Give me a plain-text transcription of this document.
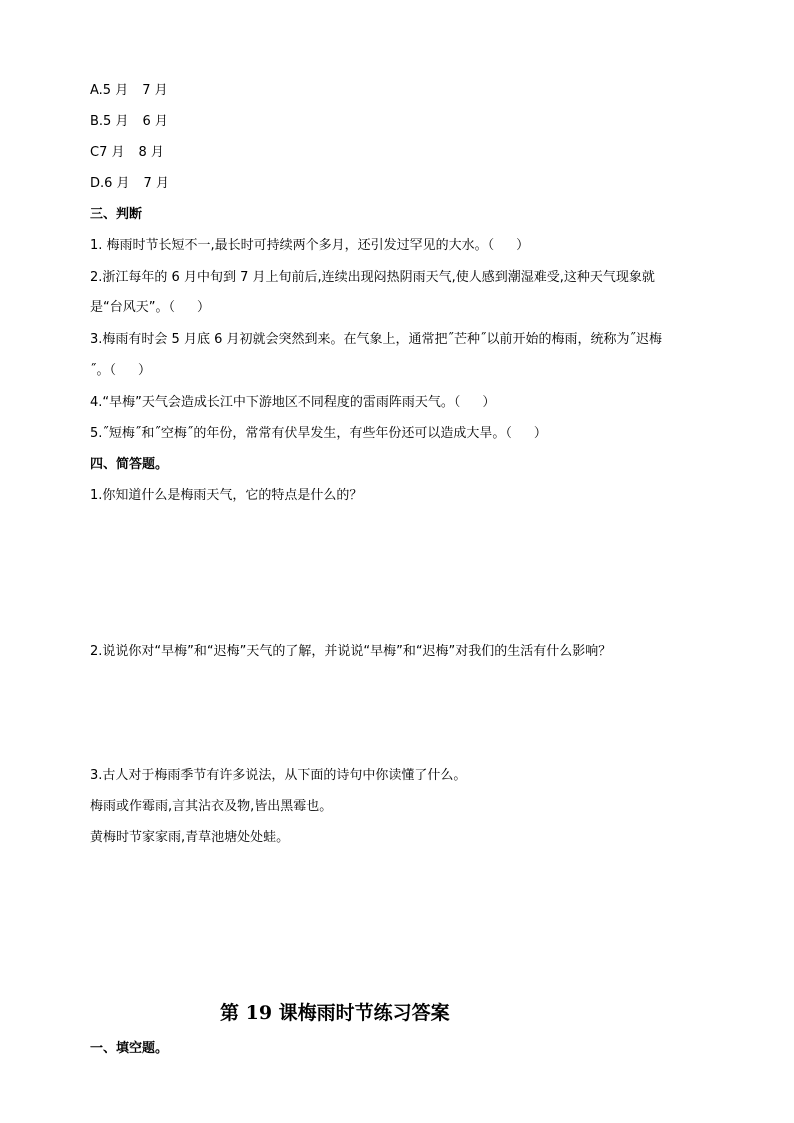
A.5 月 7 月
B.5 月 6 月
C7 月 8 月
D.6 月 7 月
三、判断
1. 梅雨时节长短不一,最长时可持续两个多月，还引发过罕见的大水。（ ）
2.浙江每年的 6 月中旬到 7 月上旬前后,连续出现闷热阴雨天气,使人感到潮湿难受,这种天气现象就
是“台风天”。（ ）
3.梅雨有时会 5 月底 6 月初就会突然到来。在气象上，通常把˝芒种˝以前开始的梅雨，统称为˝迟梅
˝。（ ）
4.“早梅”天气会造成长江中下游地区不同程度的雷雨阵雨天气。（ ）
5.˝短梅˝和˝空梅˝的年份，常常有伏旱发生，有些年份还可以造成大旱。（ ）
四、简答题。
1.你知道什么是梅雨天气，它的特点是什么的？
2.说说你对“早梅”和“迟梅”天气的了解，并说说“早梅”和“迟梅”对我们的生活有什么影响？
3.古人对于梅雨季节有许多说法，从下面的诗句中你读懂了什么。
梅雨或作霉雨,言其沾衣及物,皆出黑霉也。
黄梅时节家家雨,青草池塘处处蛙。
第 19 课梅雨时节练习答案
一、填空题。
